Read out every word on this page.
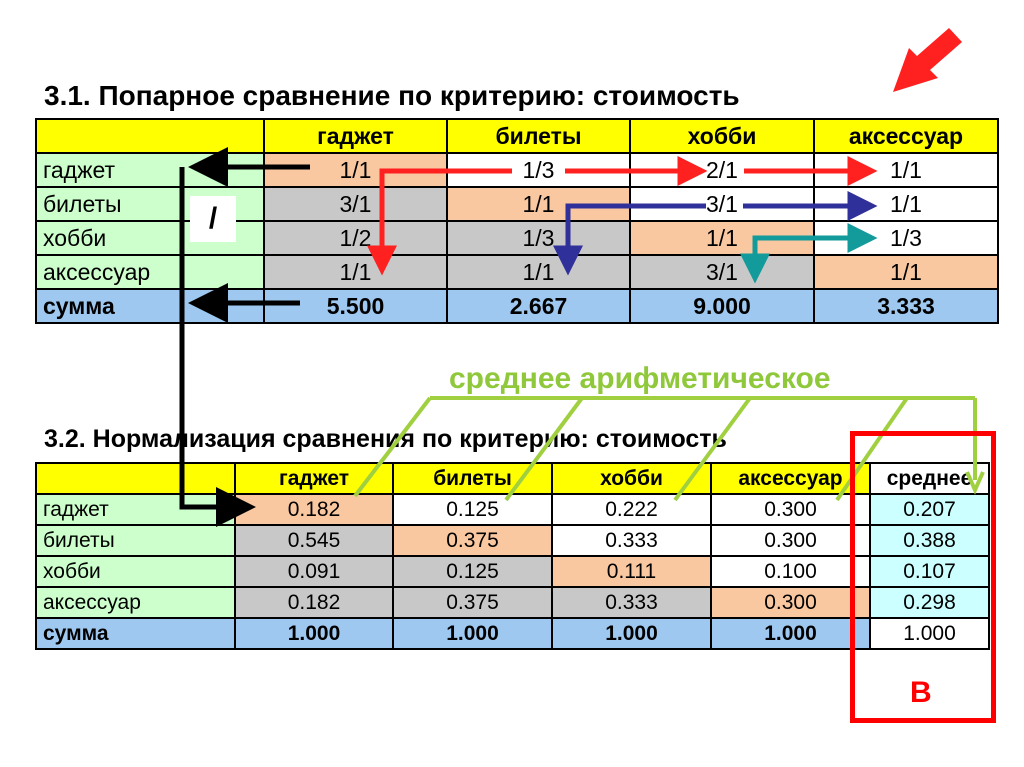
3.1. Попарное сравнение по критерию: стоимость
	гаджет	билеты	хобби	аксессуар
гаджет	1/1	1/3	2/1	1/1
билеты	3/1	1/1	3/1	1/1
хобби	1/2	1/3	1/1	1/3
аксессуар	1/1	1/1	3/1	1/1
сумма	5.500	2.667	9.000	3.333
3.2. Нормализация сравнения по критерию: стоимость
	гаджет	билеты	хобби	аксессуар	среднее
гаджет	0.182	0.125	0.222	0.300	0.207
билеты	0.545	0.375	0.333	0.300	0.388
хобби	0.091	0.125	0.111	0.100	0.107
аксессуар	0.182	0.375	0.333	0.300	0.298
сумма	1.000	1.000	1.000	1.000	1.000
/
среднее арифметическое
B
